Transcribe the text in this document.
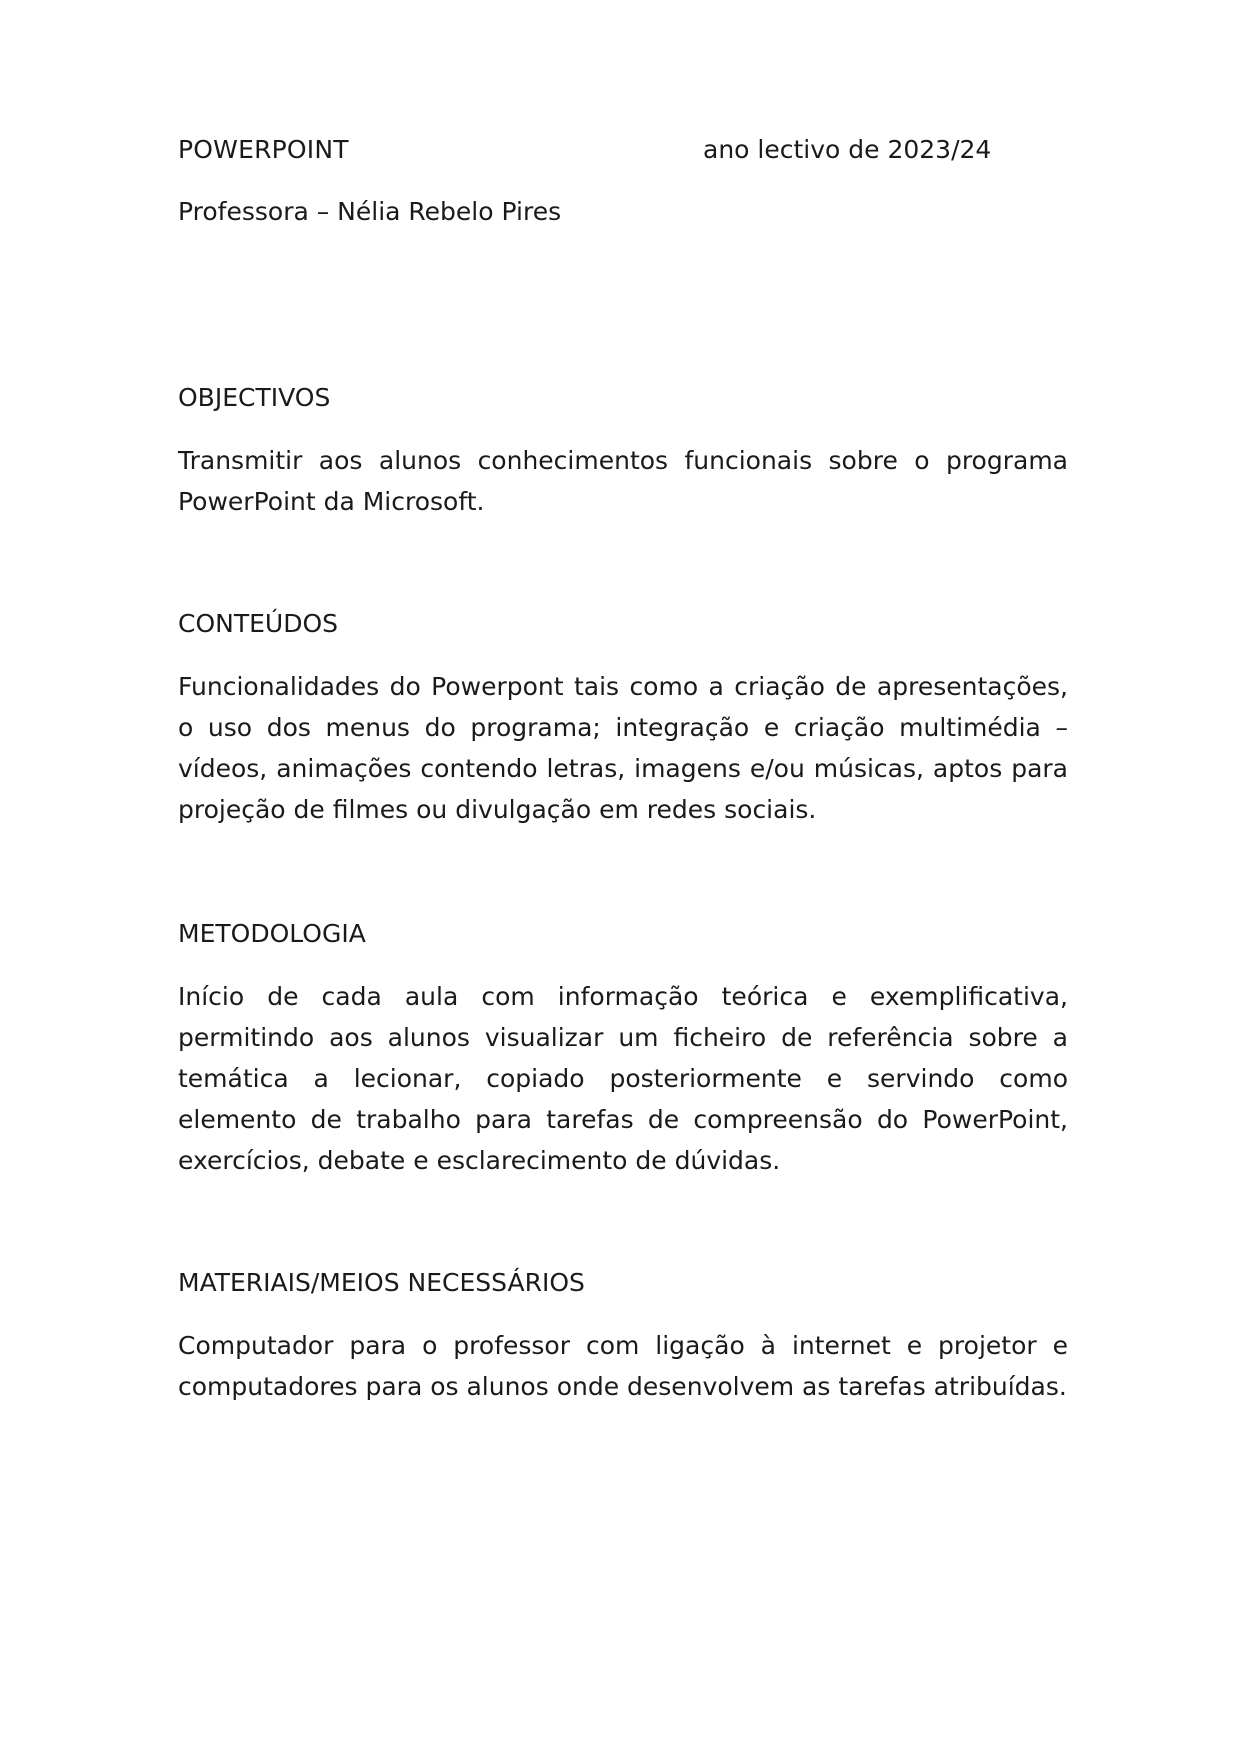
POWERPOINT	ano lectivo de 2023/24
Professora – Nélia Rebelo Pires
OBJECTIVOS

Transmitir aos alunos conhecimentos funcionais sobre o programa PowerPoint da Microsoft.

CONTEÚDOS

Funcionalidades do Powerpont tais como a criação de apresentações, o uso dos menus do programa; integração e criação multimédia – vídeos, animações contendo letras, imagens e/ou músicas, aptos para projeção de filmes ou divulgação em redes sociais.

METODOLOGIA

Início de cada aula com informação teórica e exemplificativa, permitindo aos alunos visualizar um ficheiro de referência sobre a temática a lecionar, copiado posteriormente e servindo como elemento de trabalho para tarefas de compreensão do PowerPoint, exercícios, debate e esclarecimento de dúvidas.

MATERIAIS/MEIOS NECESSÁRIOS

Computador para o professor com ligação à internet e projetor e computadores para os alunos onde desenvolvem as tarefas atribuídas.
